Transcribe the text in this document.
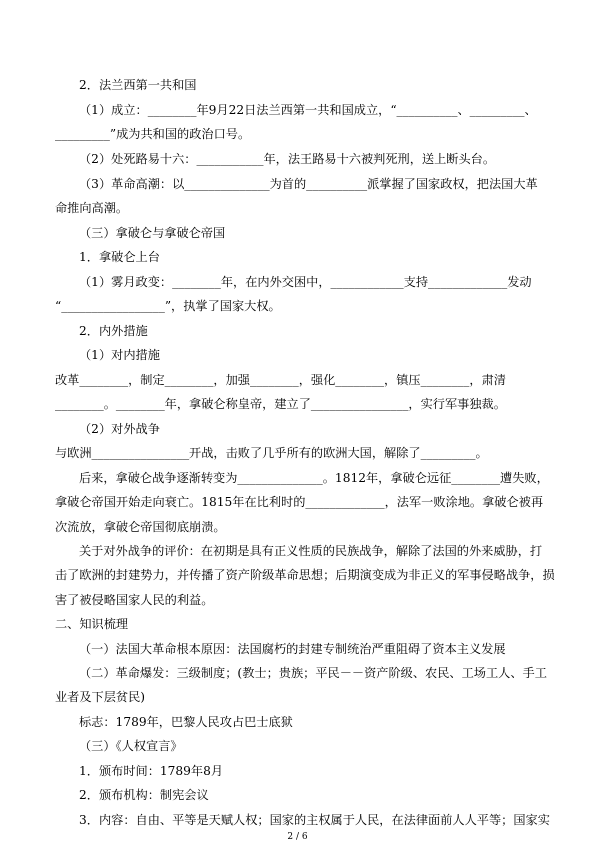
2．法兰西第一共和国
（1）成立：________年9月22日法兰西第一共和国成立，“__________、_________、
_________”成为共和国的政治口号。
（2）处死路易十六：___________年，法王路易十六被判死刑，送上断头台。
（3）革命高潮：以______________为首的__________派掌握了国家政权，把法国大革
命推向高潮。
（三）拿破仑与拿破仑帝国
1．拿破仑上台
（1）雾月政变：________年，在内外交困中，____________支持_____________发动
“_________________”，执掌了国家大权。
2．内外措施
（1）对内措施
改革________，制定________，加强________，强化________，镇压________，肃清
________。________年，拿破仑称皇帝，建立了________________，实行军事独裁。
（2）对外战争
与欧洲________________开战，击败了几乎所有的欧洲大国，解除了_________。
后来，拿破仑战争逐渐转变为______________。1812年，拿破仑远征________遭失败，
拿破仑帝国开始走向衰亡。1815年在比利时的_____________，法军一败涂地。拿破仑被再
次流放，拿破仑帝国彻底崩溃。
关于对外战争的评价：在初期是具有正义性质的民族战争，解除了法国的外来威胁，打
击了欧洲的封建势力，并传播了资产阶级革命思想；后期演变成为非正义的军事侵略战争，损
害了被侵略国家人民的利益。
二、知识梳理
（一）法国大革命根本原因：法国腐朽的封建专制统治严重阻碍了资本主义发展
（二）革命爆发：三级制度；(教士；贵族；平民－－资产阶级、农民、工场工人、手工
业者及下层贫民)
标志：1789年，巴黎人民攻占巴士底狱
（三）《人权宣言》
1．颁布时间：1789年8月
2．颁布机构：制宪会议
3．内容：自由、平等是天赋人权；国家的主权属于人民，在法律面前人人平等；国家实
2 / 6
